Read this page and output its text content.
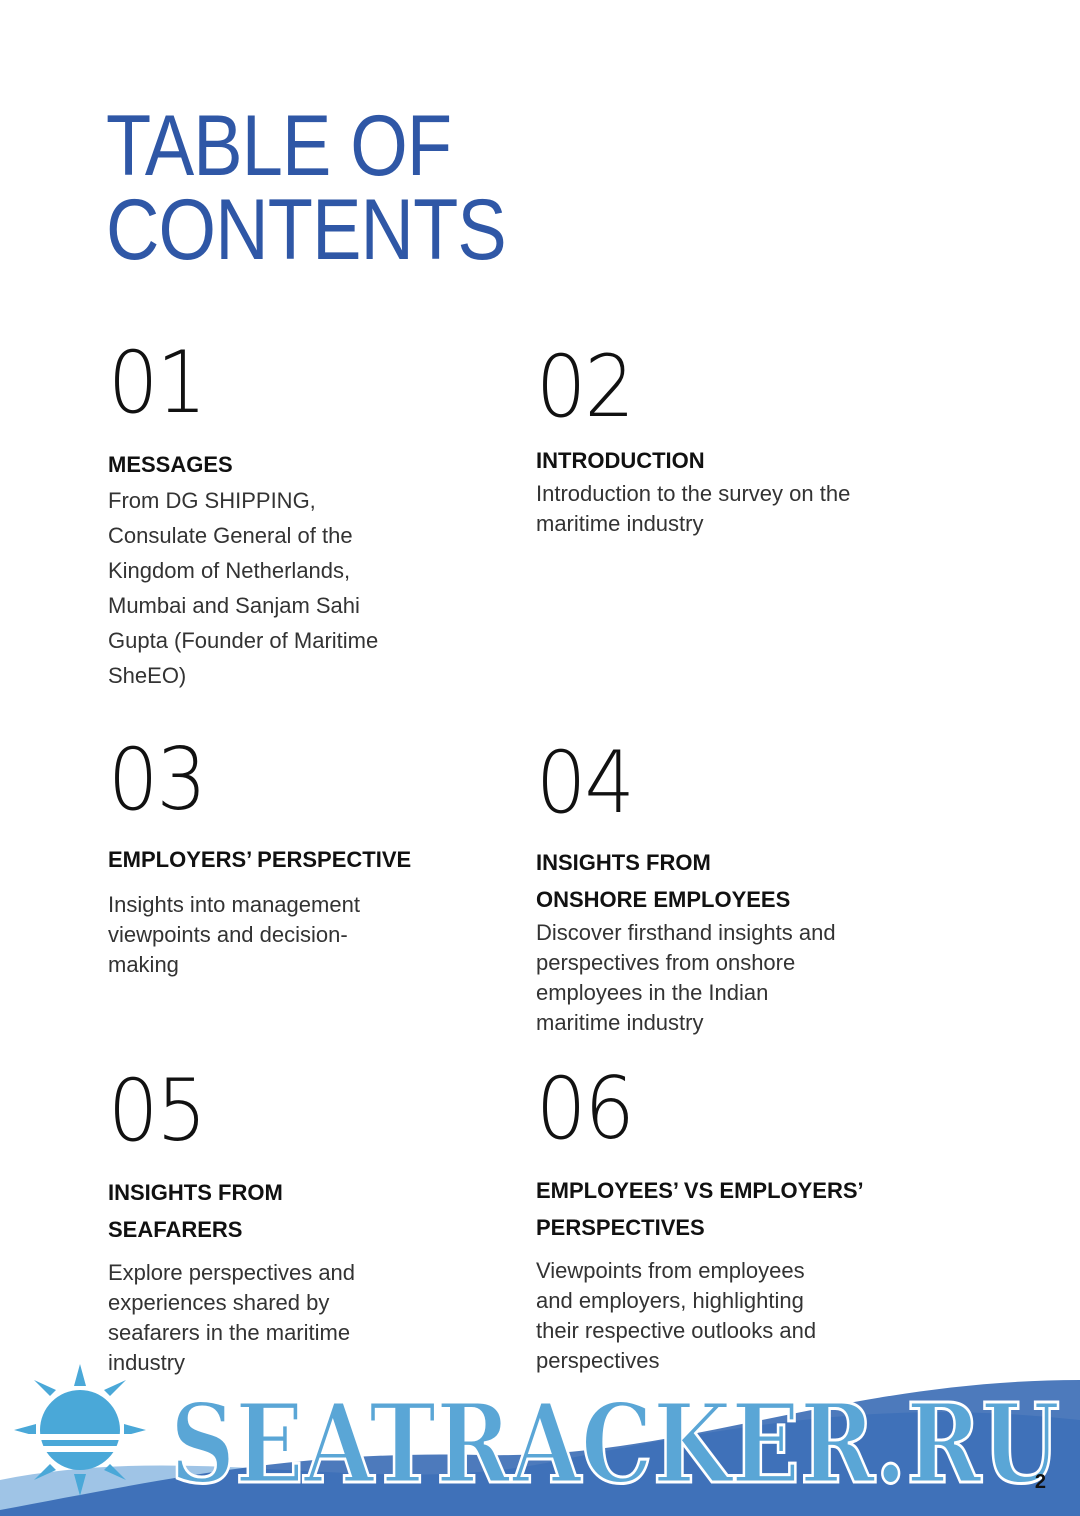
TABLE OF
CONTENTS
01
MESSAGES
From DG SHIPPING, Consulate General of the Kingdom of Netherlands, Mumbai and Sanjam Sahi Gupta (Founder of Maritime SheEO)
02
INTRODUCTION
Introduction to the survey on the maritime industry
03
EMPLOYERS’ PERSPECTIVE
Insights into management viewpoints and decision-making
04
INSIGHTS FROM
ONSHORE EMPLOYEES
Discover firsthand insights and perspectives from onshore employees in the Indian maritime industry
05
INSIGHTS FROM
SEAFARERS
Explore perspectives and experiences shared by seafarers in the maritime industry
06
EMPLOYEES’ VS EMPLOYERS’
PERSPECTIVES
Viewpoints from employees and employers, highlighting their respective outlooks and perspectives
SEATRACKER.RU
2
